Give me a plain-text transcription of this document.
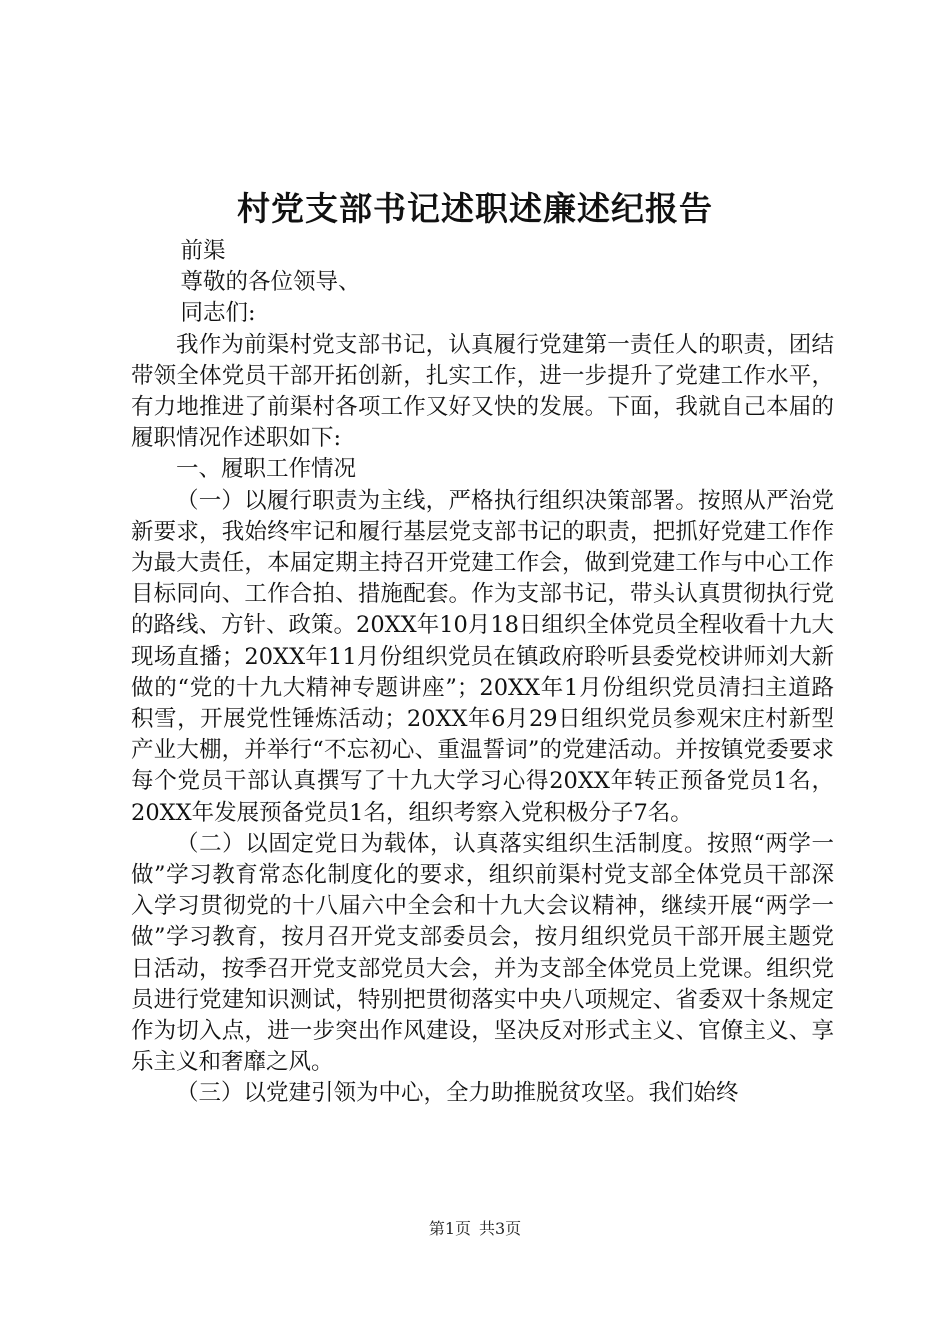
村党支部书记述职述廉述纪报告

前渠

尊敬的各位领导、

同志们:

我作为前渠村党支部书记，认真履行党建第一责任人的职责，团结带领全体党员干部开拓创新，扎实工作，进一步提升了党建工作水平，有力地推进了前渠村各项工作又好又快的发展。下面，我就自己本届的履职情况作述职如下:

一、履职工作情况

（一）以履行职责为主线，严格执行组织决策部署。按照从严治党新要求，我始终牢记和履行基层党支部书记的职责，把抓好党建工作作为最大责任，本届定期主持召开党建工作会，做到党建工作与中心工作目标同向、工作合拍、措施配套。作为支部书记，带头认真贯彻执行党的路线、方针、政策。20XX年10月18日组织全体党员全程收看十九大现场直播；20XX年11月份组织党员在镇政府聆听县委党校讲师刘大新做的“党的十九大精神专题讲座”；20XX年1月份组织党员清扫主道路积雪，开展党性锤炼活动；20XX年6月29日组织党员参观宋庄村新型产业大棚，并举行“不忘初心、重温誓词”的党建活动。并按镇党委要求每个党员干部认真撰写了十九大学习心得20XX年转正预备党员1名，20XX年发展预备党员1名，组织考察入党积极分子7名。

（二）以固定党日为载体，认真落实组织生活制度。按照“两学一做”学习教育常态化制度化的要求，组织前渠村党支部全体党员干部深入学习贯彻党的十八届六中全会和十九大会议精神，继续开展“两学一做”学习教育，按月召开党支部委员会，按月组织党员干部开展主题党日活动，按季召开党支部党员大会，并为支部全体党员上党课。组织党员进行党建知识测试，特别把贯彻落实中央八项规定、省委双十条规定作为切入点，进一步突出作风建设，坚决反对形式主义、官僚主义、享乐主义和奢靡之风。

（三）以党建引领为中心，全力助推脱贫攻坚。我们始终

第1页 共3页
